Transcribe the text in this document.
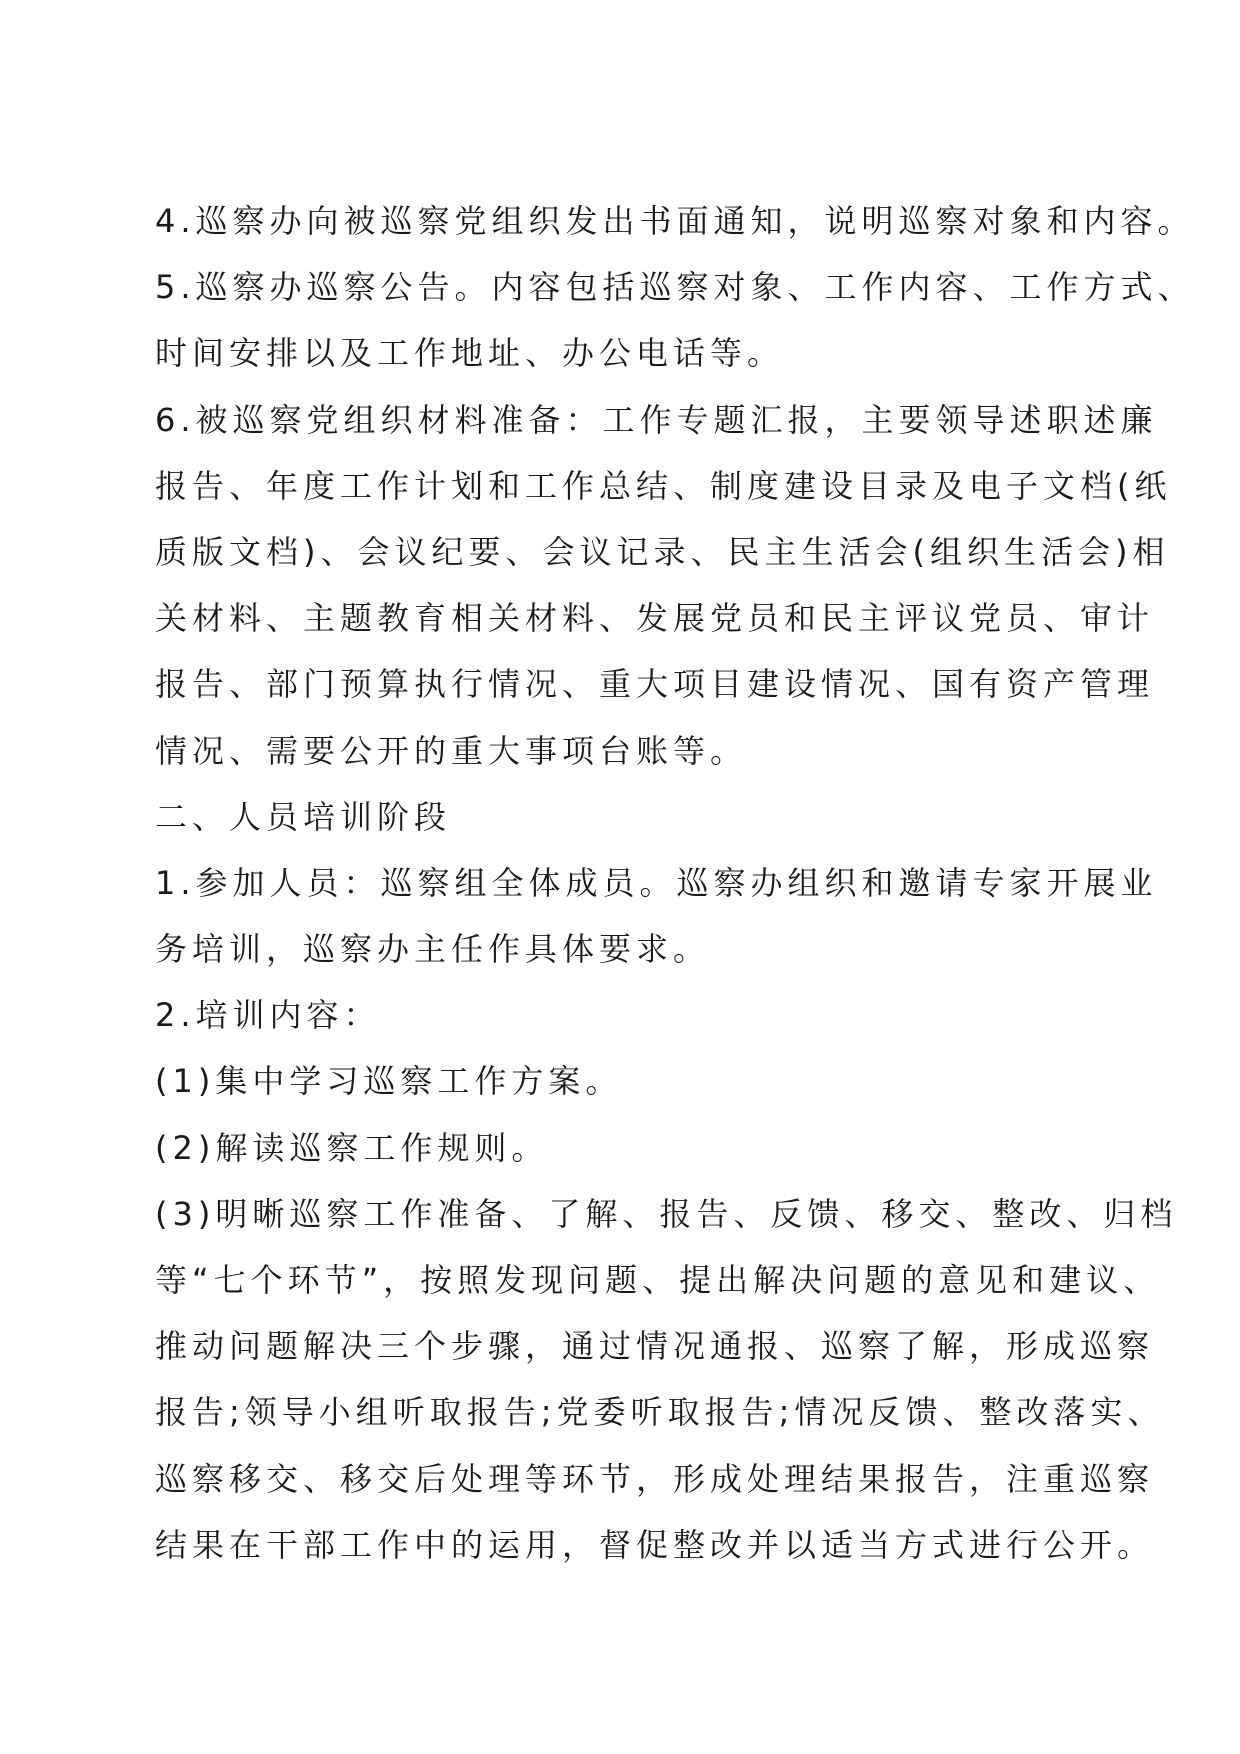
4.巡察办向被巡察党组织发出书面通知，说明巡察对象和内容。
5.巡察办巡察公告。内容包括巡察对象、工作内容、工作方式、
时间安排以及工作地址、办公电话等。
6.被巡察党组织材料准备：工作专题汇报，主要领导述职述廉
报告、年度工作计划和工作总结、制度建设目录及电子文档(纸
质版文档)、会议纪要、会议记录、民主生活会(组织生活会)相
关材料、主题教育相关材料、发展党员和民主评议党员、审计
报告、部门预算执行情况、重大项目建设情况、国有资产管理
情况、需要公开的重大事项台账等。
二、人员培训阶段
1.参加人员：巡察组全体成员。巡察办组织和邀请专家开展业
务培训，巡察办主任作具体要求。
2.培训内容：
(1)集中学习巡察工作方案。
(2)解读巡察工作规则。
(3)明晰巡察工作准备、了解、报告、反馈、移交、整改、归档
等“七个环节”，按照发现问题、提出解决问题的意见和建议、
推动问题解决三个步骤，通过情况通报、巡察了解，形成巡察
报告;领导小组听取报告;党委听取报告;情况反馈、整改落实、
巡察移交、移交后处理等环节，形成处理结果报告，注重巡察
结果在干部工作中的运用，督促整改并以适当方式进行公开。
